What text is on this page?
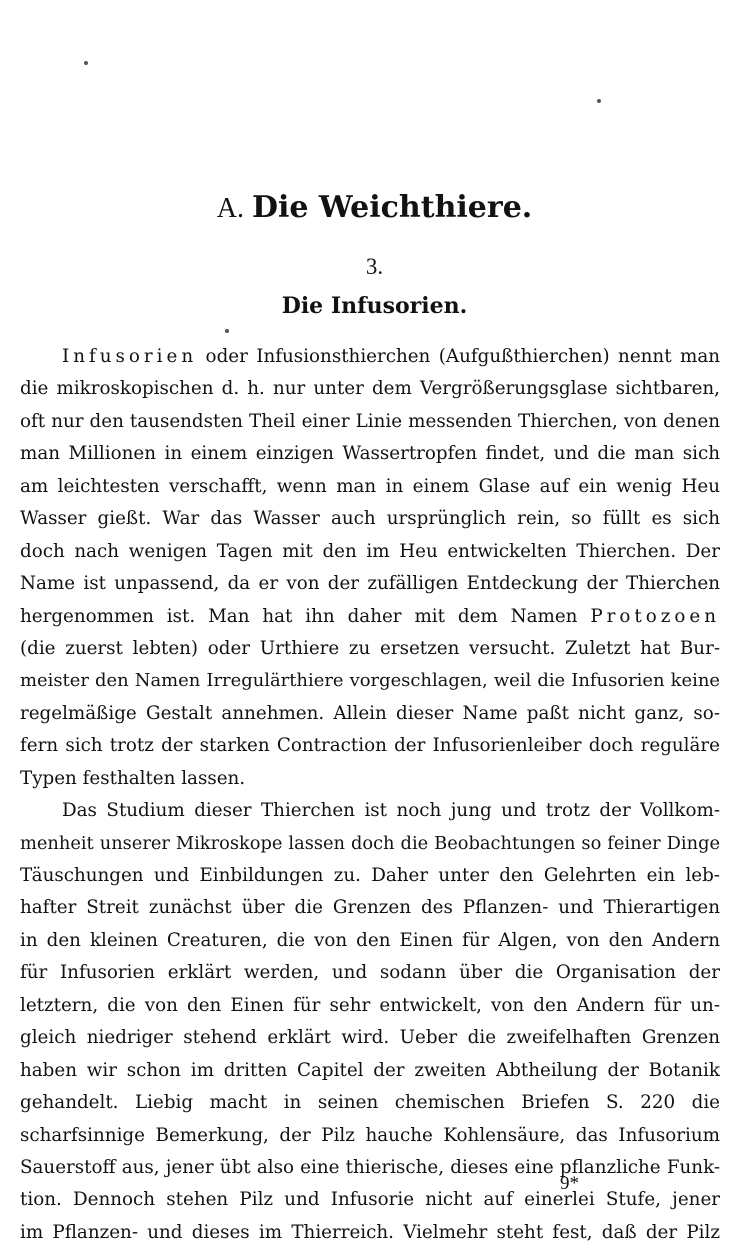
A. Die Weichthiere.
3.
Die Infusorien.
Infusorien oder Infusionsthierchen (Aufgußthierchen) nennt man
die mikroskopischen d. h. nur unter dem Vergrößerungsglase sichtbaren,
oft nur den tausendsten Theil einer Linie messenden Thierchen, von denen
man Millionen in einem einzigen Wassertropfen findet, und die man sich
am leichtesten verschafft, wenn man in einem Glase auf ein wenig Heu
Wasser gießt. War das Wasser auch ursprünglich rein, so füllt es sich
doch nach wenigen Tagen mit den im Heu entwickelten Thierchen. Der
Name ist unpassend, da er von der zufälligen Entdeckung der Thierchen
hergenommen ist. Man hat ihn daher mit dem Namen Protozoen
(die zuerst lebten) oder Urthiere zu ersetzen versucht. Zuletzt hat Bur-
meister den Namen Irregulärthiere vorgeschlagen, weil die Infusorien keine
regelmäßige Gestalt annehmen. Allein dieser Name paßt nicht ganz, so-
fern sich trotz der starken Contraction der Infusorienleiber doch reguläre
Typen festhalten lassen.
Das Studium dieser Thierchen ist noch jung und trotz der Vollkom-
menheit unserer Mikroskope lassen doch die Beobachtungen so feiner Dinge
Täuschungen und Einbildungen zu. Daher unter den Gelehrten ein leb-
hafter Streit zunächst über die Grenzen des Pflanzen- und Thierartigen
in den kleinen Creaturen, die von den Einen für Algen, von den Andern
für Infusorien erklärt werden, und sodann über die Organisation der
letztern, die von den Einen für sehr entwickelt, von den Andern für un-
gleich niedriger stehend erklärt wird. Ueber die zweifelhaften Grenzen
haben wir schon im dritten Capitel der zweiten Abtheilung der Botanik
gehandelt. Liebig macht in seinen chemischen Briefen S. 220 die
scharfsinnige Bemerkung, der Pilz hauche Kohlensäure, das Infusorium
Sauerstoff aus, jener übt also eine thierische, dieses eine pflanzliche Funk-
tion. Dennoch stehen Pilz und Infusorie nicht auf einerlei Stufe, jener
im Pflanzen- und dieses im Thierreich. Vielmehr steht fest, daß der Pilz
9*
